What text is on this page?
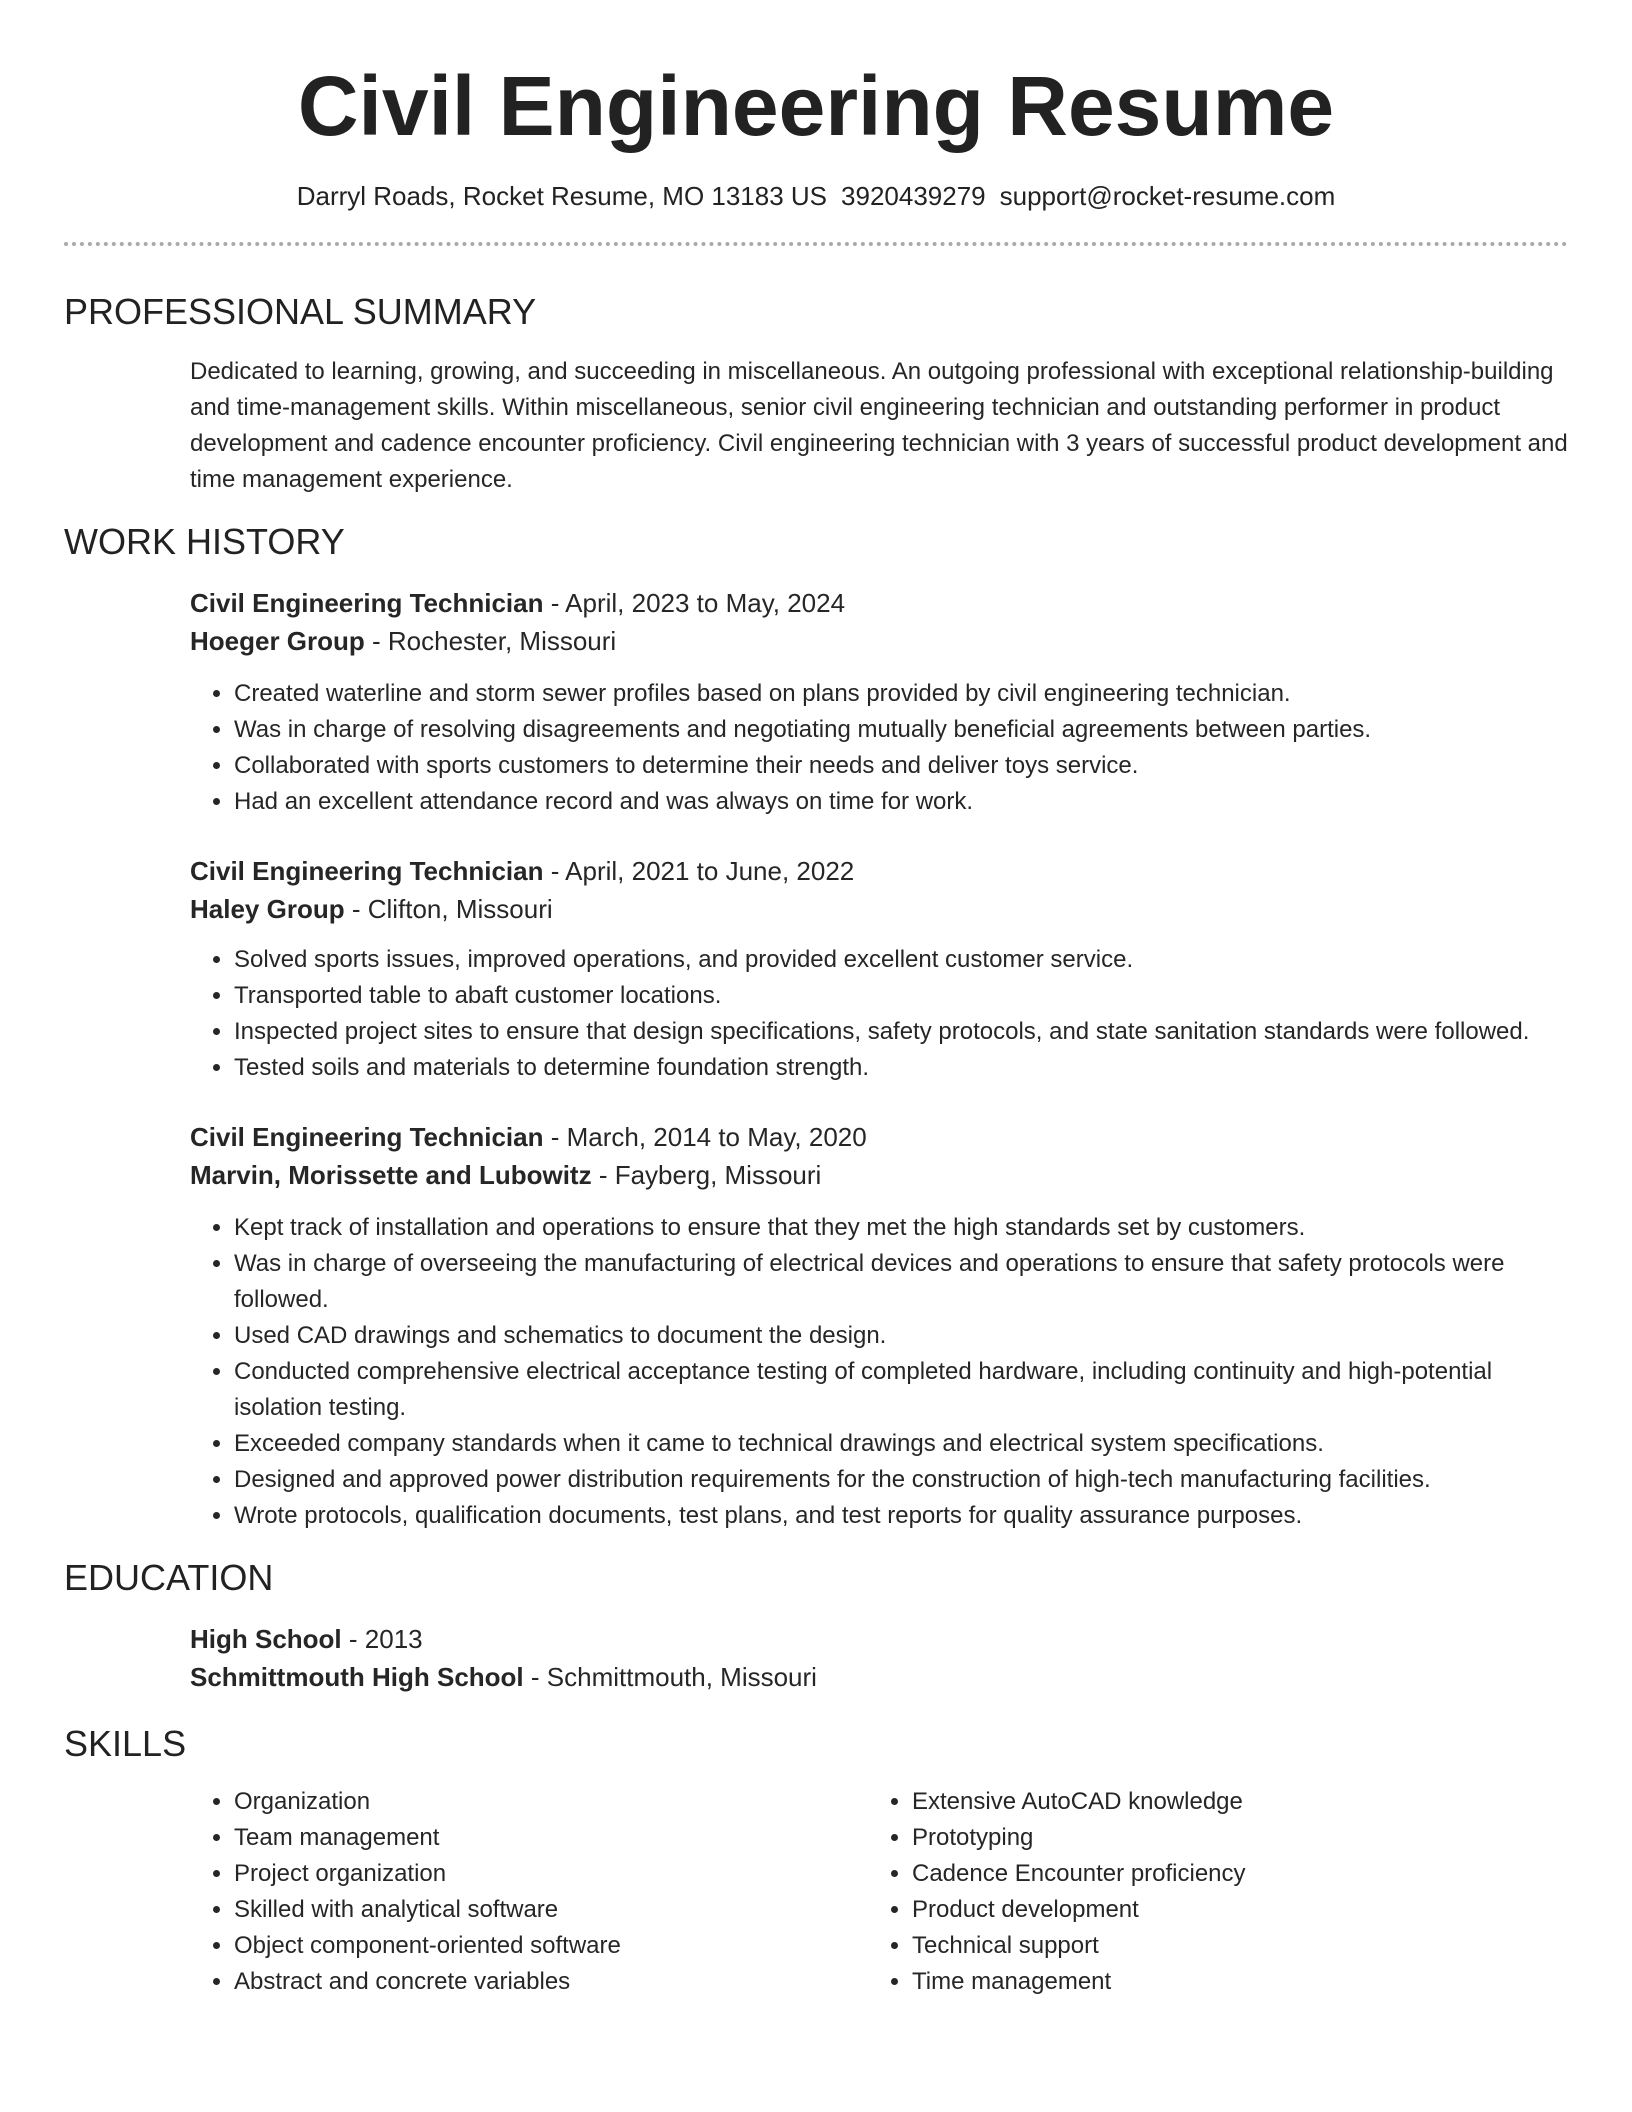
Civil Engineering Resume
Darryl Roads, Rocket Resume, MO 13183 US 3920439279 support@rocket-resume.com
PROFESSIONAL SUMMARY

Dedicated to learning, growing, and succeeding in miscellaneous. An outgoing professional with exceptional relationship-building and time-management skills. Within miscellaneous, senior civil engineering technician and outstanding performer in product development and cadence encounter proficiency. Civil engineering technician with 3 years of successful product development and time management experience.

WORK HISTORY
Civil Engineering Technician - April, 2023 to May, 2024
Hoeger Group - Rochester, Missouri
• Created waterline and storm sewer profiles based on plans provided by civil engineering technician.
• Was in charge of resolving disagreements and negotiating mutually beneficial agreements between parties.
• Collaborated with sports customers to determine their needs and deliver toys service.
• Had an excellent attendance record and was always on time for work.
Civil Engineering Technician - April, 2021 to June, 2022
Haley Group - Clifton, Missouri
• Solved sports issues, improved operations, and provided excellent customer service.
• Transported table to abaft customer locations.
• Inspected project sites to ensure that design specifications, safety protocols, and state sanitation standards were followed.
• Tested soils and materials to determine foundation strength.
Civil Engineering Technician - March, 2014 to May, 2020
Marvin, Morissette and Lubowitz - Fayberg, Missouri
• Kept track of installation and operations to ensure that they met the high standards set by customers.
• Was in charge of overseeing the manufacturing of electrical devices and operations to ensure that safety protocols were followed.
• Used CAD drawings and schematics to document the design.
• Conducted comprehensive electrical acceptance testing of completed hardware, including continuity and high-potential isolation testing.
• Exceeded company standards when it came to technical drawings and electrical system specifications.
• Designed and approved power distribution requirements for the construction of high-tech manufacturing facilities.
• Wrote protocols, qualification documents, test plans, and test reports for quality assurance purposes.
EDUCATION
High School - 2013
Schmittmouth High School - Schmittmouth, Missouri
SKILLS
• Organization
• Team management
• Project organization
• Skilled with analytical software
• Object component-oriented software
• Abstract and concrete variables
• Extensive AutoCAD knowledge
• Prototyping
• Cadence Encounter proficiency
• Product development
• Technical support
• Time management
